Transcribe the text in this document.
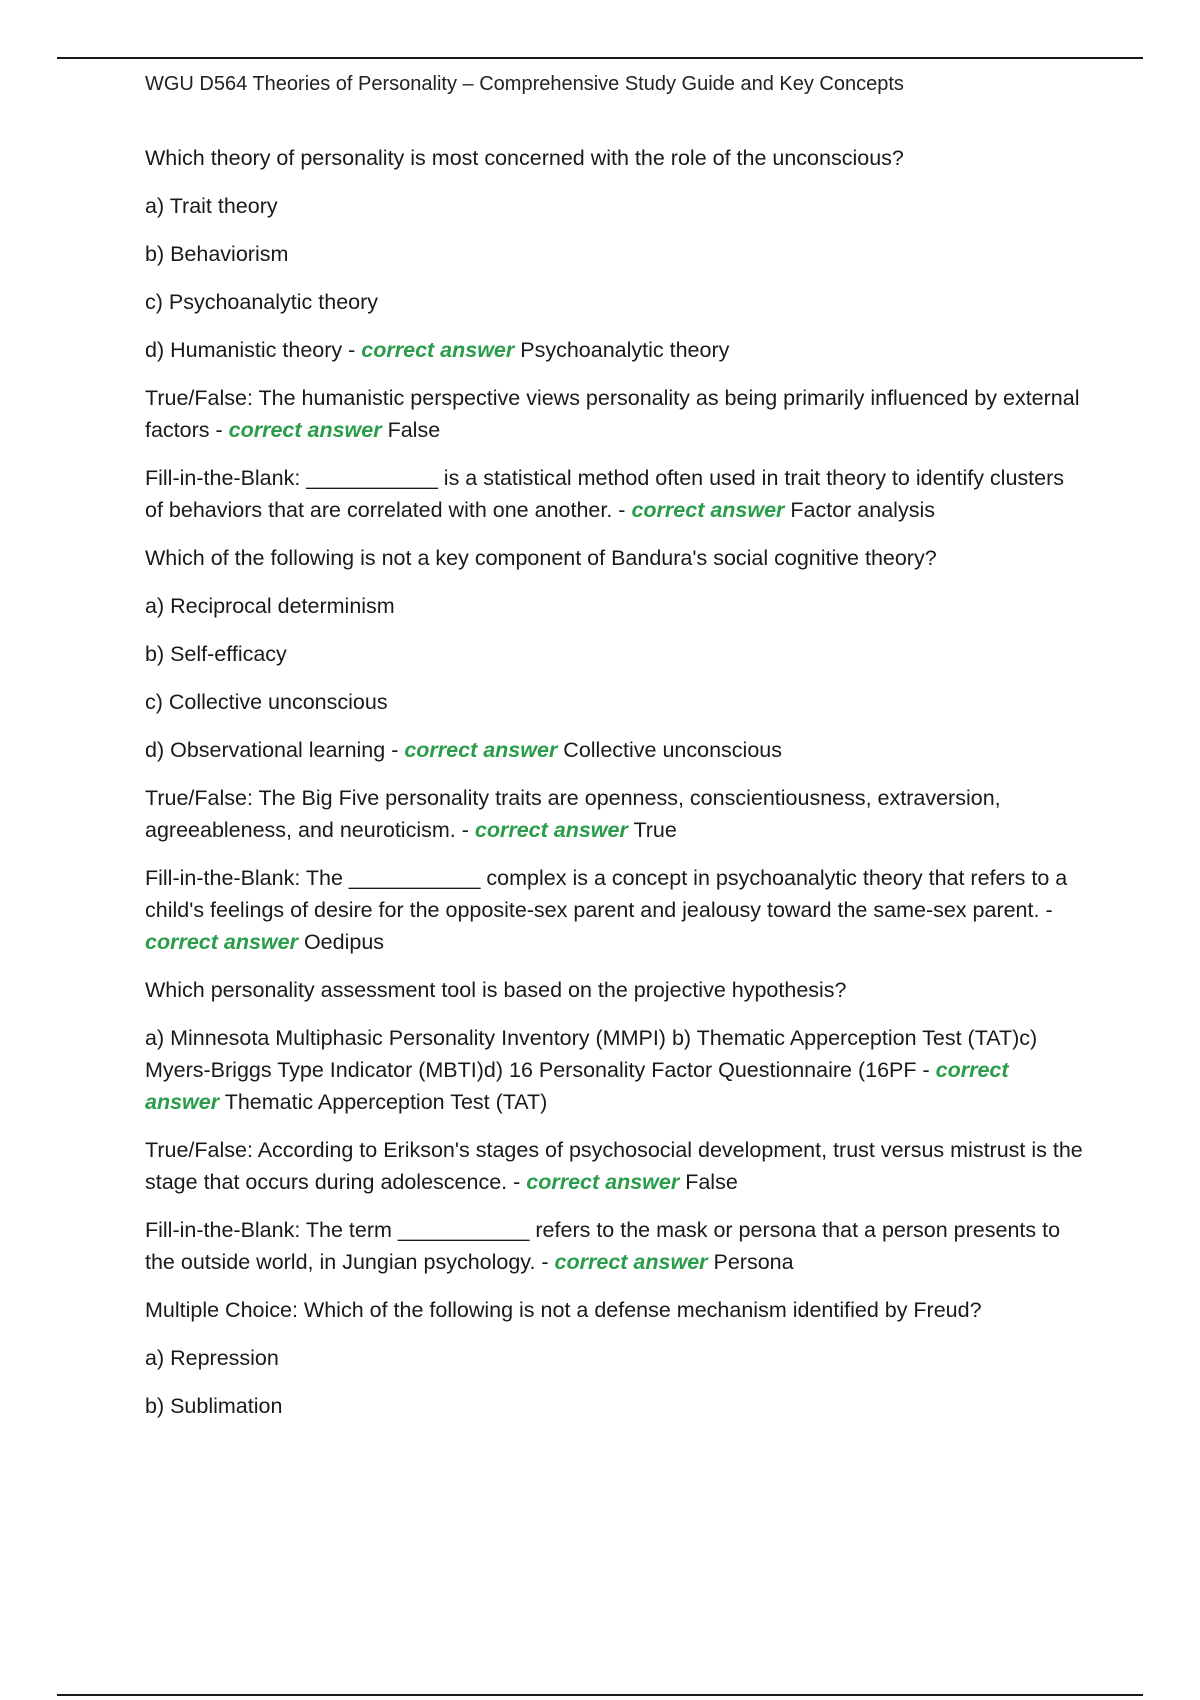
WGU D564 Theories of Personality – Comprehensive Study Guide and Key Concepts

Which theory of personality is most concerned with the role of the unconscious?

a) Trait theory

b) Behaviorism

c) Psychoanalytic theory

d) Humanistic theory - correct answer Psychoanalytic theory

True/False: The humanistic perspective views personality as being primarily influenced by external factors - correct answer False

Fill-in-the-Blank: ___________ is a statistical method often used in trait theory to identify clusters of behaviors that are correlated with one another. - correct answer Factor analysis

Which of the following is not a key component of Bandura's social cognitive theory?

a) Reciprocal determinism

b) Self-efficacy

c) Collective unconscious

d) Observational learning - correct answer Collective unconscious

True/False: The Big Five personality traits are openness, conscientiousness, extraversion, agreeableness, and neuroticism. - correct answer True

Fill-in-the-Blank: The ___________ complex is a concept in psychoanalytic theory that refers to a child's feelings of desire for the opposite-sex parent and jealousy toward the same-sex parent. - correct answer Oedipus

Which personality assessment tool is based on the projective hypothesis?

a) Minnesota Multiphasic Personality Inventory (MMPI) b) Thematic Apperception Test (TAT)c) Myers-Briggs Type Indicator (MBTI)d) 16 Personality Factor Questionnaire (16PF - correct answer Thematic Apperception Test (TAT)

True/False: According to Erikson's stages of psychosocial development, trust versus mistrust is the stage that occurs during adolescence. - correct answer False

Fill-in-the-Blank: The term ___________ refers to the mask or persona that a person presents to the outside world, in Jungian psychology. - correct answer Persona

Multiple Choice: Which of the following is not a defense mechanism identified by Freud?

a) Repression

b) Sublimation
